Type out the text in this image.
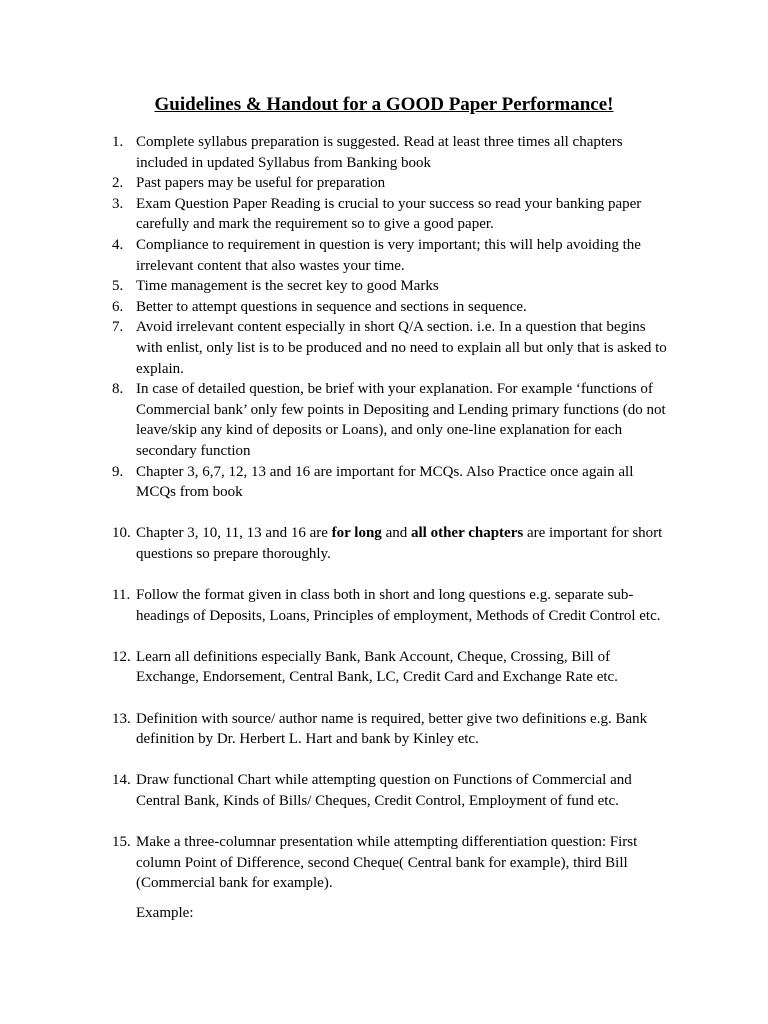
Guidelines & Handout for a GOOD Paper Performance!
1. Complete syllabus preparation is suggested. Read at least three times all chapters included in updated Syllabus from Banking book
2. Past papers may be useful for preparation
3. Exam Question Paper Reading is crucial to your success so read your banking paper carefully and mark the requirement so to give a good paper.
4. Compliance to requirement in question is very important; this will help avoiding the irrelevant content that also wastes your time.
5. Time management is the secret key to good Marks
6. Better to attempt questions in sequence and sections in sequence.
7. Avoid irrelevant content especially in short Q/A section. i.e. In a question that begins with enlist, only list is to be produced and no need to explain all but only that is asked to explain.
8. In case of detailed question, be brief with your explanation. For example ‘functions of Commercial bank’ only few points in Depositing and Lending primary functions (do not leave/skip any kind of deposits or Loans), and only one-line explanation for each secondary function
9. Chapter 3, 6,7, 12, 13 and 16 are important for MCQs. Also Practice once again all MCQs from book
10. Chapter 3, 10, 11, 13 and 16 are for long and all other chapters are important for short questions so prepare thoroughly.
11. Follow the format given in class both in short and long questions e.g. separate sub-headings of Deposits, Loans, Principles of employment, Methods of Credit Control etc.
12. Learn all definitions especially Bank, Bank Account, Cheque, Crossing, Bill of Exchange, Endorsement, Central Bank, LC, Credit Card and Exchange Rate etc.
13. Definition with source/ author name is required, better give two definitions e.g. Bank definition by Dr. Herbert L. Hart and bank by Kinley etc.
14. Draw functional Chart while attempting question on Functions of Commercial and Central Bank, Kinds of Bills/ Cheques, Credit Control, Employment of fund etc.
15. Make a three-columnar presentation while attempting differentiation question: First column Point of Difference, second Cheque( Central bank for example), third Bill (Commercial bank for example).
Example:
